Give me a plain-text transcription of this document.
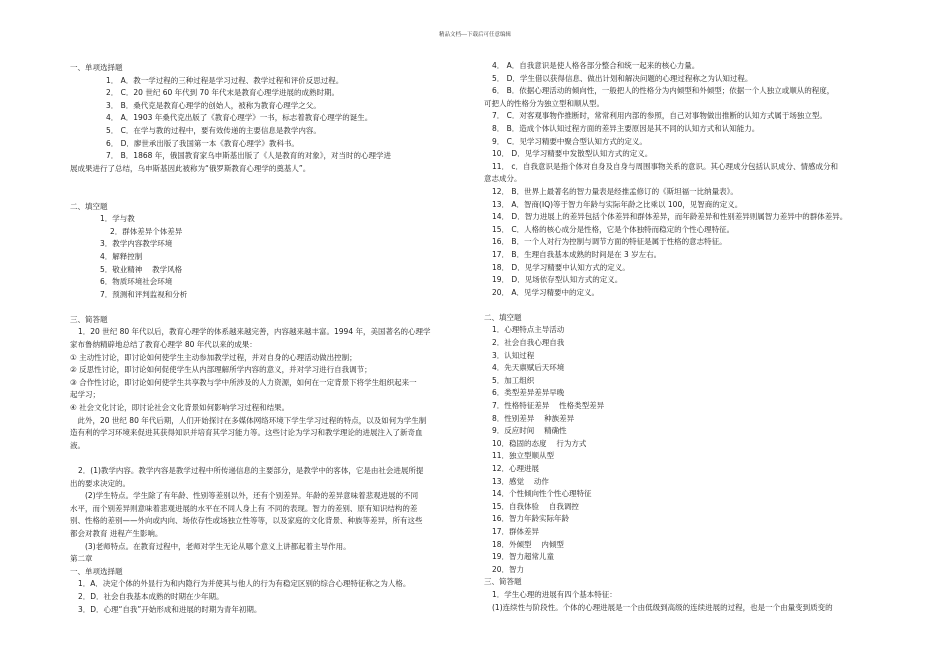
精品文档---下载后可任意编辑
一、单项选择题
1． A．教一学过程的三种过程是学习过程、教学过程和评价反思过程。
2． C．20 世纪 60 年代到 70 年代末是教育心理学进展的成熟时期。
3． B．桑代克是教育心理学的创始人，被称为教育心理学之父。
4． A．1903 年桑代克出版了《教育心理学》一书，标志着教育心理学的诞生。
5． C．在学与教的过程中，要有效传递的主要信息是教学内容。
6． D．廖世承出版了我国第一本《教育心理学》教科书。
7． B．1868 年，俄国教育家乌申斯基出版了《人是教育的对象》，对当时的心理学进
展成果进行了总结，乌申斯基因此被称为“俄罗斯教育心理学的奠基人”。
二、填空题
1．学与教
2．群体差异个体差异
3．教学内容教学环境
4．解释控制
5．敬业精神　 教学风格
6．物质环境社会环境
7．预测和评判监视和分析
三、简答题
1．20 世纪 80 年代以后，教育心理学的体系越来越完善，内容越来越丰富。1994 年，美国著名的心理学
家布鲁纳精辟地总结了教育心理学 80 年代以来的成果：
① 主动性讨论，即讨论如何使学生主动参加教学过程，并对自身的心理活动做出控制；
② 反思性讨论，即讨论如何促使学生从内部理解所学内容的意义，并对学习进行自我调节；
③ 合作性讨论，即讨论如何使学生共享教与学中所涉及的人力资源，如何在一定背景下将学生组织起来一
起学习；
④ 社会文化讨论，即讨论社会文化背景如何影响学习过程和结果。
　此外，20 世纪 80 年代后期，人们开始探讨在多媒体网络环境下学生学习过程的特点，以及如何为学生制
造有利的学习环境来促进其获得知识并培育其学习能力等。这些讨论为学习和教学理论的进展注入了新奇血
液。
2．(1)教学内容。教学内容是教学过程中所传递信息的主要部分，是教学中的客体，它是由社会进展所提
出的要求决定的。
　　(2)学生特点。学生除了有年龄、性别等差别以外，还有个别差异。年龄的差异意味着悲观进展的不同
水平，而个别差异则意味着悲观进展的水平在不同人身上有 不同的表现。智力的差别、原有知识结构的差
别、性格的差别——外向或内向、场依存性或场独立性等等，以及家庭的文化背景、种族等差异，所有这些
都会对教育 进程产生影响。
　　(3)老师特点。在教育过程中，老师对学生无论从哪个意义上讲都起着主导作用。
第二章
一、单项选择题
1．A．决定个体的外显行为和内隐行为并使其与他人的行为有稳定区别的综合心理特征称之为人格。
2．D．社会自我基本成熟的时期在少年期。
3．D．心理“自我”开始形成和进展的时期为青年初期。
4． A．自我意识是使人格各部分整合和统一起来的核心力量。
5． D．学生借以获得信息、做出计划和解决问题的心理过程称之为认知过程。
6． B．依据心理活动的倾向性，一般把人的性格分为内倾型和外倾型；依据一个人独立或顺从的程度，
可把人的性格分为独立型和顺从型。
7． C．对客观事物作推断时，常常利用内部的参照，自己对事物做出推断的认知方式属于场独立型。
8． B．造成个体认知过程方面的差异主要原因是其不同的认知方式和认知能力。
9． C．见学习精要中聚合型认知方式的定义。
10． D．见学习精要中发散型认知方式的定义。
11． c．自我意识是指个体对自身及自身与周围事物关系的意识。其心理成分包括认识成分、情感成分和
意志成分。
12． B．世界上最著名的智力量表是经推孟修订的《斯坦福一比纳量表》。
13． A．智商(IQ)等于智力年龄与实际年龄之比乘以 100，见智商的定义。
14． D．智力进展上的差异包括个体差异和群体差异，而年龄差异和性别差异则属智力差异中的群体差异。
15． C．人格的核心成分是性格，它是个体独特而稳定的个性心理特征。
16． B．一个人对行为控制与调节方面的特征是属于性格的意志特征。
17． B．生理自我基本成熟的时间是在 3 岁左右。
18． D．见学习精要中认知方式的定义。
19． D．见场依存型认知方式的定义。
20． A．见学习精要中的定义。
二、填空题
1．心理特点主导活动
2．社会自我心理自我
3．认知过程
4．先天禀赋后天环境
5．加工组织
6．类型差异差异早晚
7．性格特征差异　 性格类型差异
8．性别差异　 种族差异
9．反应时间　 精确性
10．稳固的态度　 行为方式
11．独立型顺从型
12．心理进展
13．感觉　 动作
14．个性倾向性个性心理特征
15．自我体验　 自我调控
16．智力年龄实际年龄
17．群体差异
18．外倾型　 内倾型
19．智力超常儿童
20．智力
三、简答题
1．学生心理的进展有四个基本特征：
(1)连续性与阶段性。个体的心理进展是一个由低级到高级的连续进展的过程，也是一个由量变到质变的
